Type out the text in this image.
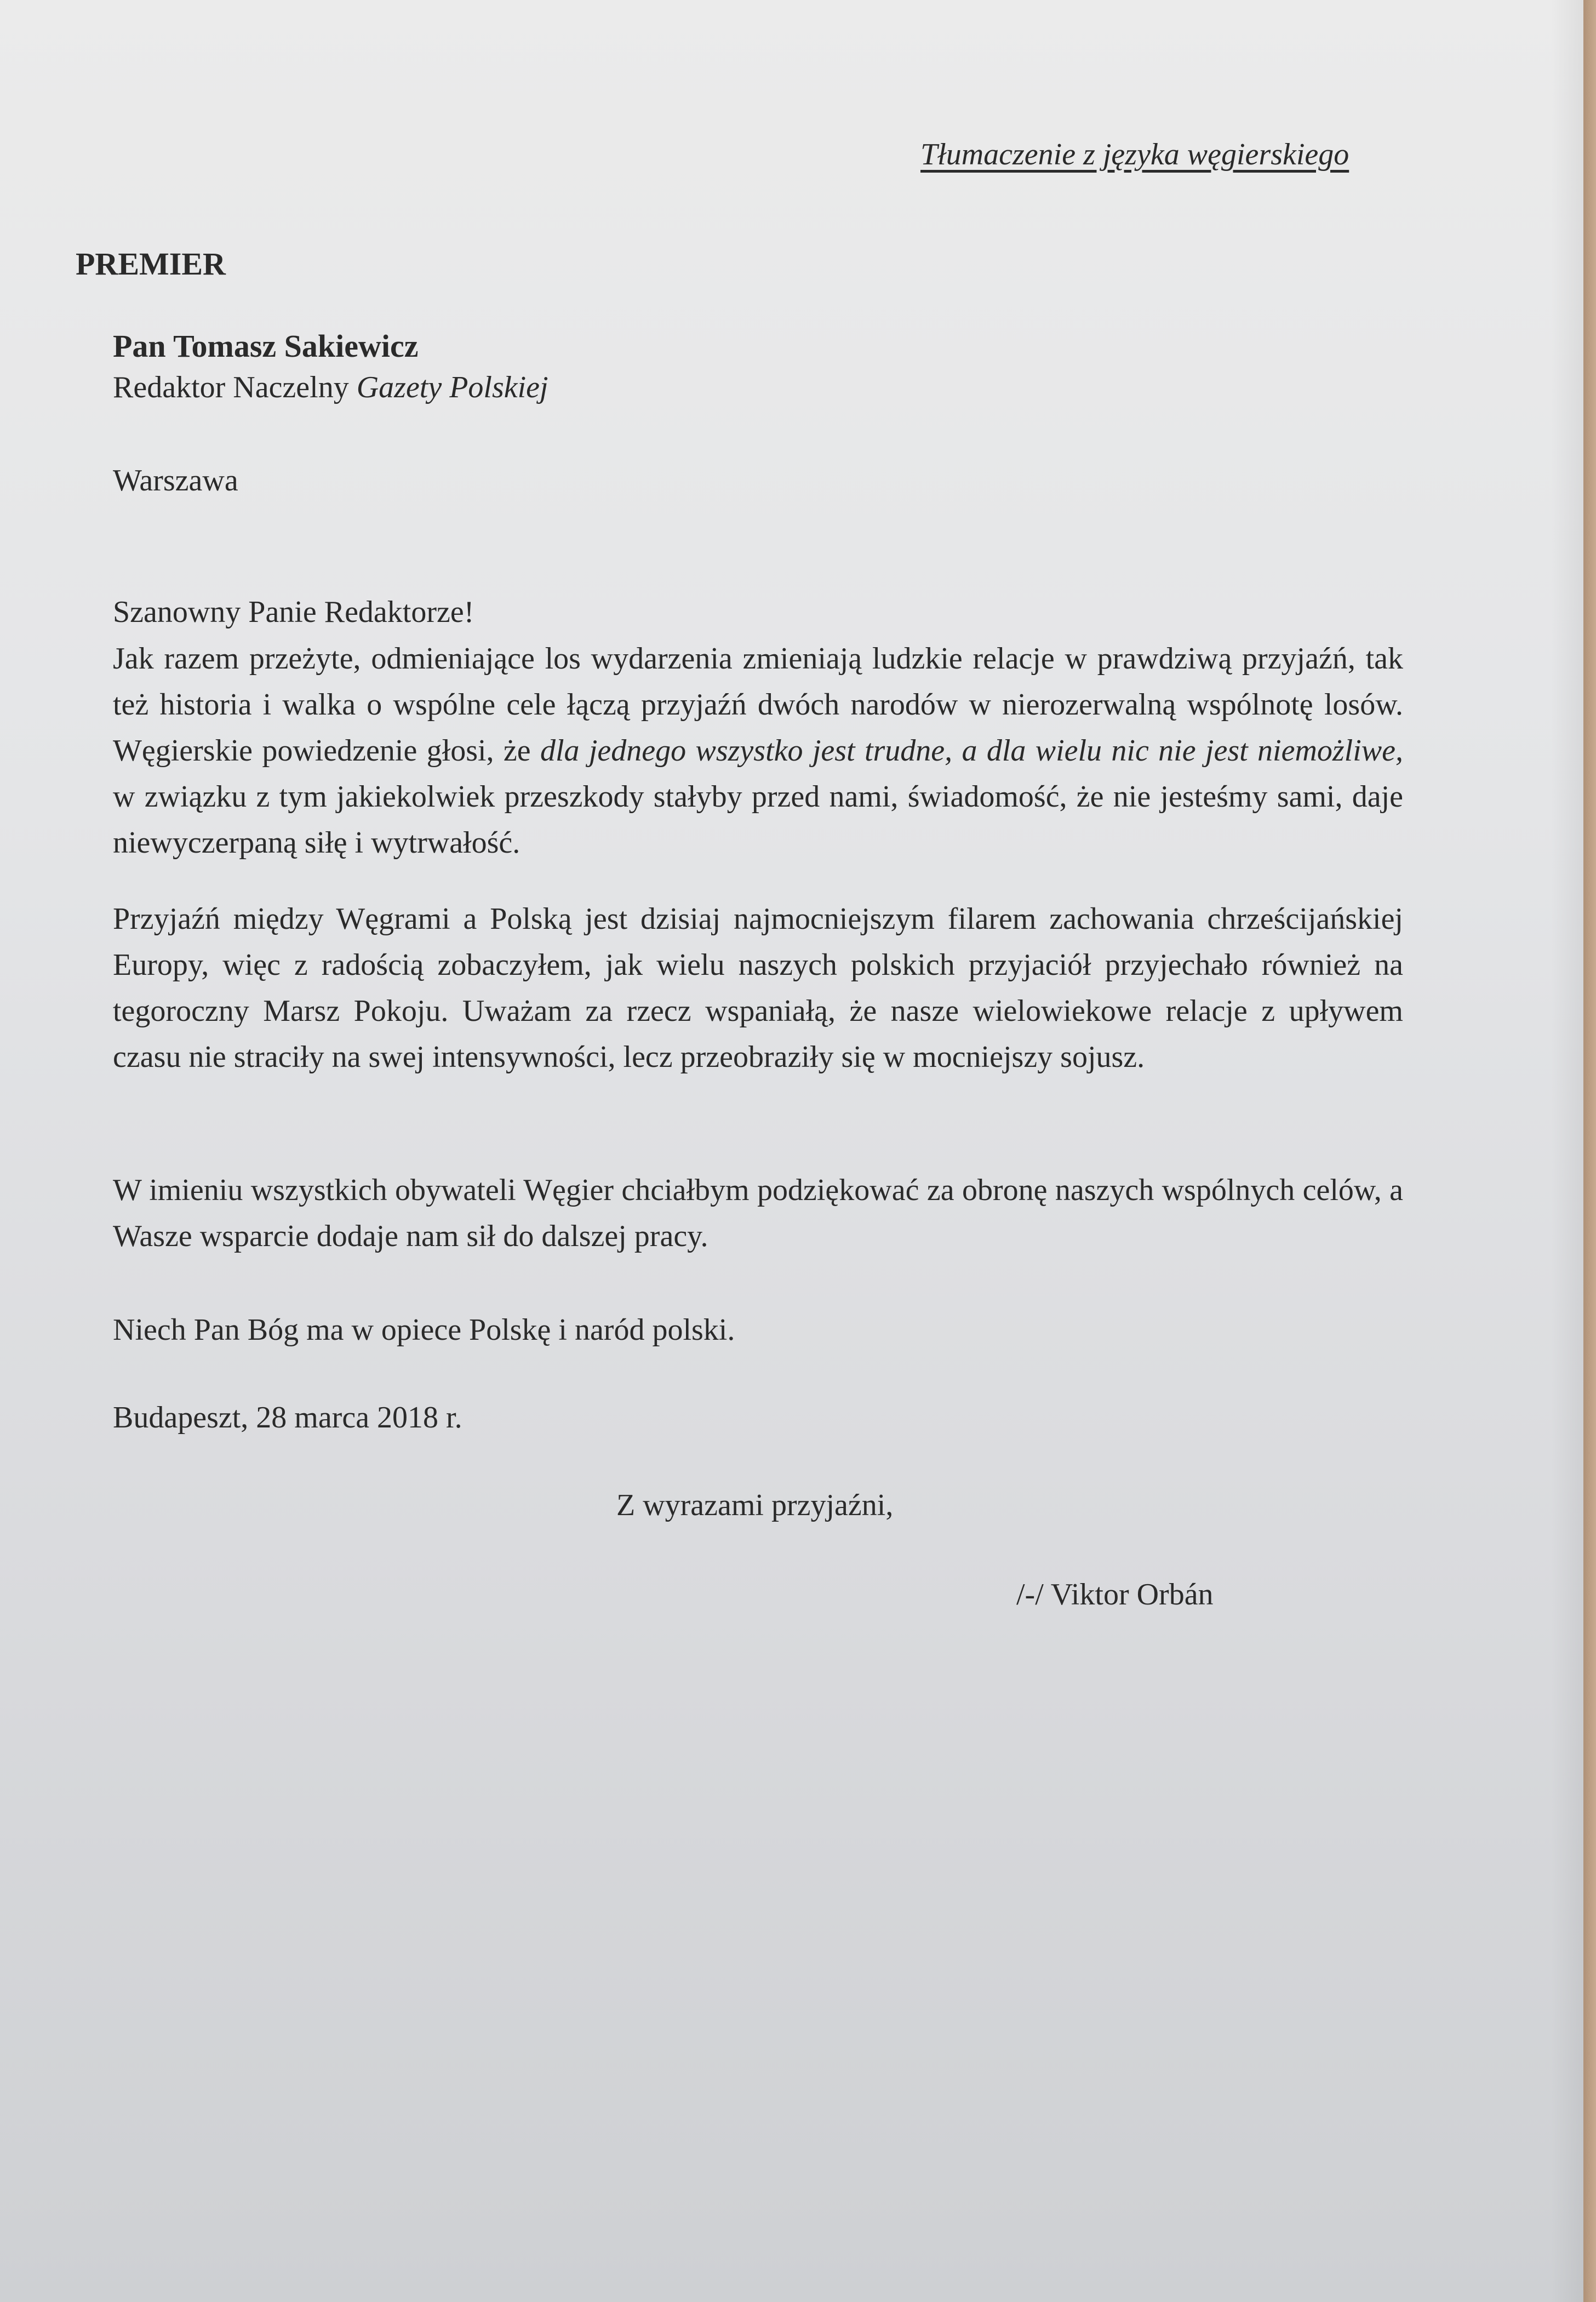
Tłumaczenie z języka węgierskiego

PREMIER

Pan Tomasz Sakiewicz

Redaktor Naczelny Gazety Polskiej

Warszawa

Szanowny Panie Redaktorze!

Jak razem przeżyte, odmieniające los wydarzenia zmieniają ludzkie relacje w prawdziwą przyjaźń, tak też historia i walka o wspólne cele łączą przyjaźń dwóch narodów w nierozerwalną wspólnotę losów. Węgierskie powiedzenie głosi, że dla jednego wszystko jest trudne, a dla wielu nic nie jest niemożliwe, w związku z tym jakiekolwiek przeszkody stałyby przed nami, świadomość, że nie jesteśmy sami, daje niewyczerpaną siłę i wytrwałość.

Przyjaźń między Węgrami a Polską jest dzisiaj najmocniejszym filarem zachowania chrześcijańskiej Europy, więc z radością zobaczyłem, jak wielu naszych polskich przyjaciół przyjechało również na tegoroczny Marsz Pokoju. Uważam za rzecz wspaniałą, że nasze wielowiekowe relacje z upływem czasu nie straciły na swej intensywności, lecz przeobraziły się w mocniejszy sojusz.

W imieniu wszystkich obywateli Węgier chciałbym podziękować za obronę naszych wspólnych celów, a Wasze wsparcie dodaje nam sił do dalszej pracy.

Niech Pan Bóg ma w opiece Polskę i naród polski.

Budapeszt, 28 marca 2018 r.

Z wyrazami przyjaźni,

/-/ Viktor Orbán
